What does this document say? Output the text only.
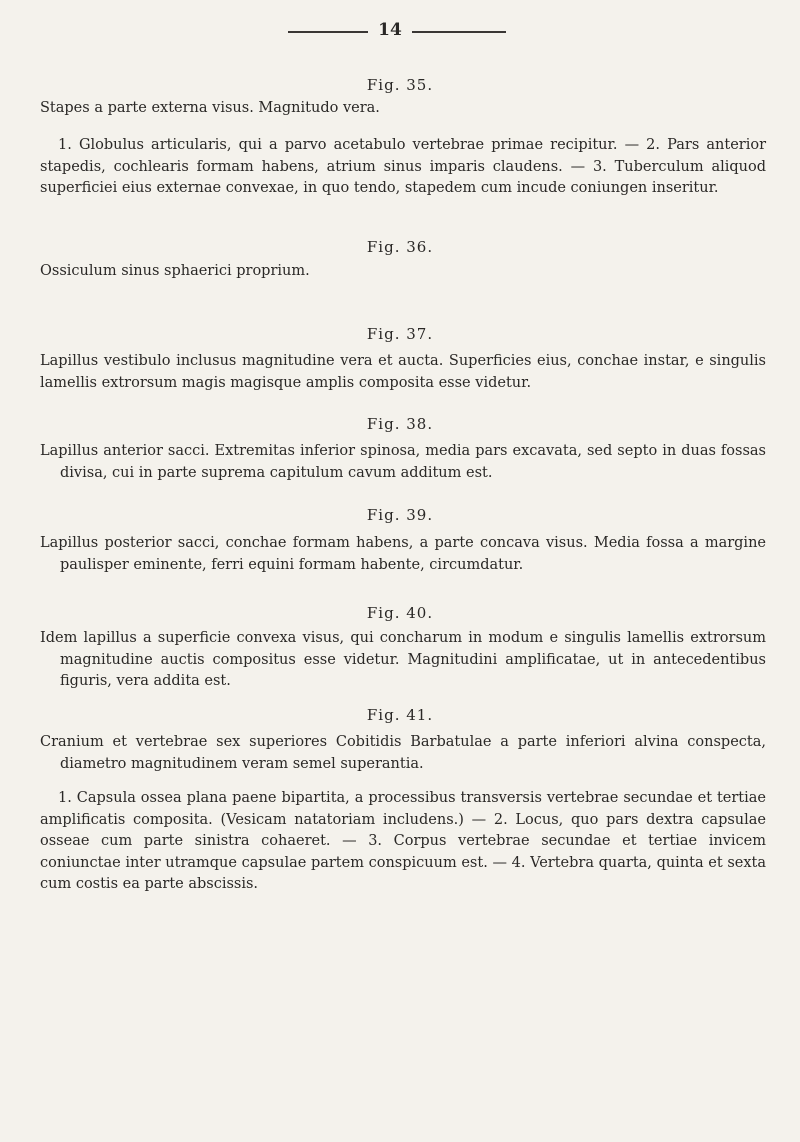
14
Fig. 35.

Stapes a parte externa visus. Magnitudo vera.

1. Globulus articularis, qui a parvo acetabulo vertebrae primae recipitur. — 2. Pars anterior stapedis, cochlearis formam habens, atrium sinus imparis claudens. — 3. Tuberculum aliquod superficiei eius externae convexae, in quo tendo, stapedem cum incude coniungen inseritur.

Fig. 36.

Ossiculum sinus sphaerici proprium.

Fig. 37.

Lapillus vestibulo inclusus magnitudine vera et aucta. Superficies eius, conchae instar, e singulis lamellis extrorsum magis magisque amplis composita esse videtur.

Fig. 38.

Lapillus anterior sacci. Extremitas inferior spinosa, media pars excavata, sed septo in duas fossas divisa, cui in parte suprema capitulum cavum additum est.

Fig. 39.

Lapillus posterior sacci, conchae formam habens, a parte concava visus. Media fossa a margine paulisper eminente, ferri equini formam habente, circumdatur.

Fig. 40.

Idem lapillus a superficie convexa visus, qui concharum in modum e singulis lamellis extrorsum magnitudine auctis compositus esse videtur. Magnitudini amplificatae, ut in antecedentibus figuris, vera addita est.

Fig. 41.

Cranium et vertebrae sex superiores Cobitidis Barbatulae a parte inferiori alvina conspecta, diametro magnitudinem veram semel superantia.

1. Capsula ossea plana paene bipartita, a processibus transversis vertebrae secundae et tertiae amplificatis composita. (Vesicam natatoriam includens.) — 2. Locus, quo pars dextra capsulae osseae cum parte sinistra cohaeret. — 3. Corpus vertebrae secundae et tertiae invicem coniunctae inter utramque capsulae partem conspicuum est. — 4. Vertebra quarta, quinta et sexta cum costis ea parte abscissis.
